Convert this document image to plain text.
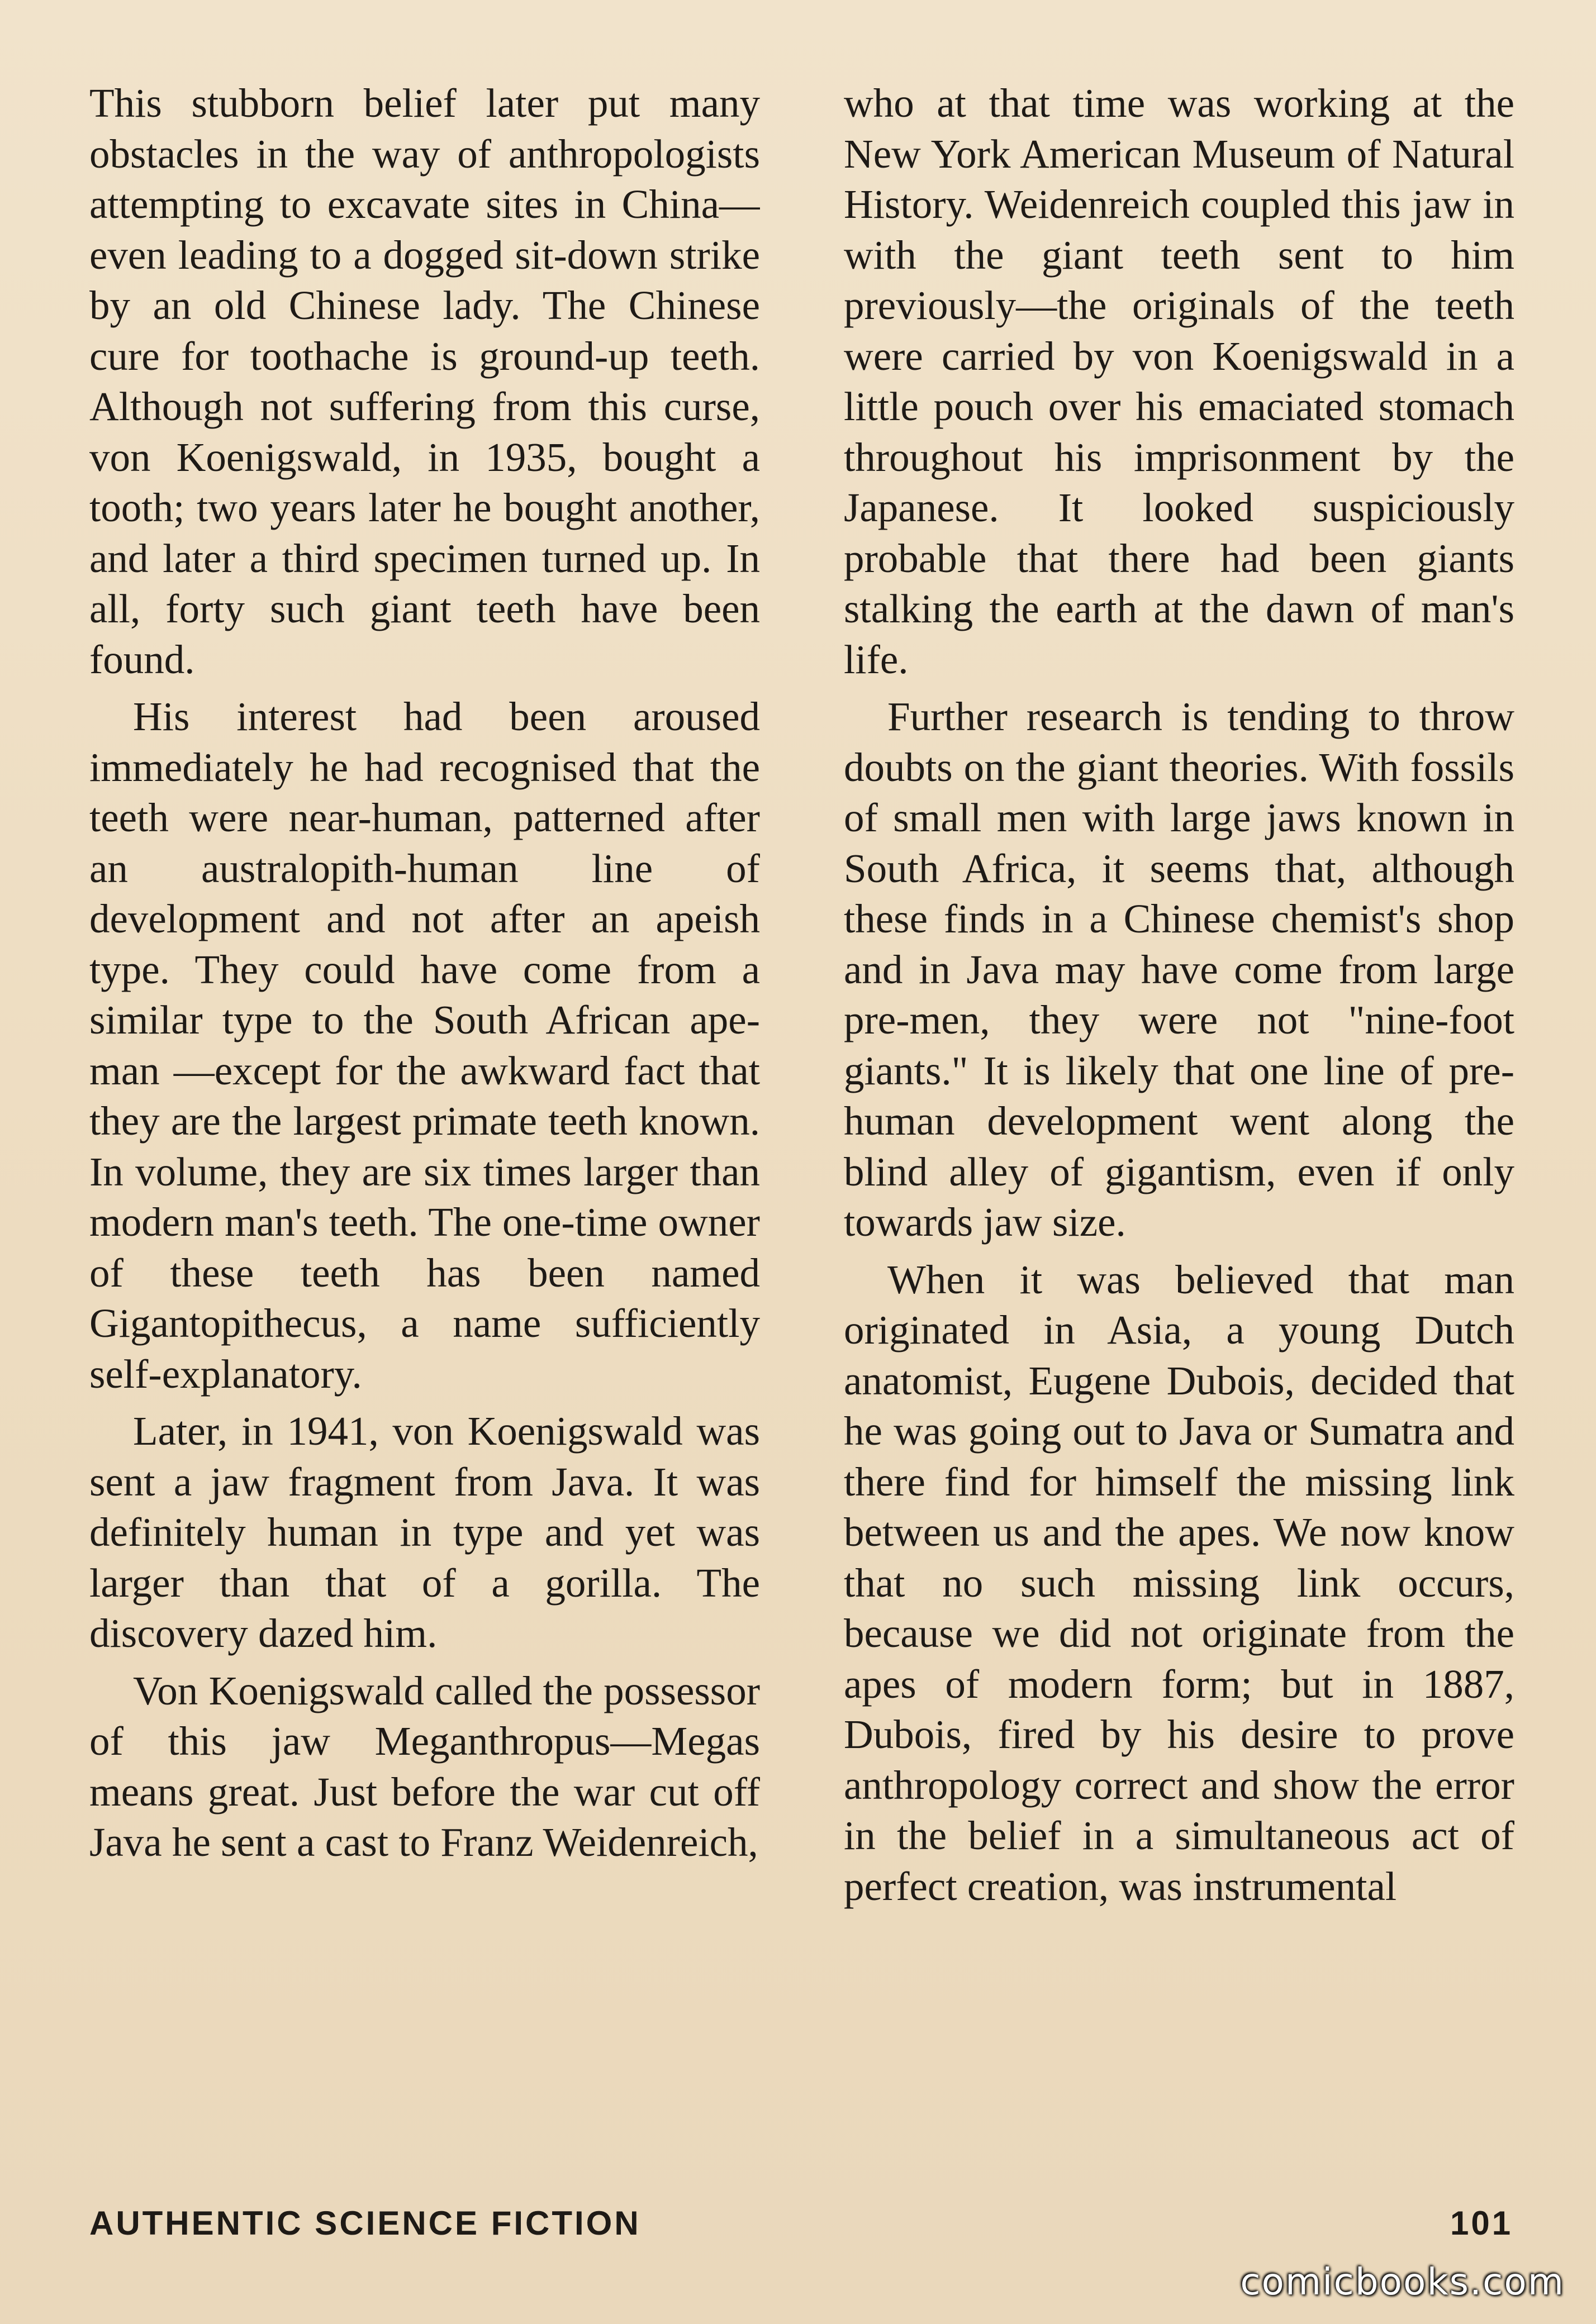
This stubborn belief later put many obstacles in the way of anthropologists attempting to excavate sites in China—even leading to a dogged sit-down strike by an old Chinese lady. The Chinese cure for toothache is ground-up teeth. Although not suffering from this curse, von Koenigswald, in 1935, bought a tooth; two years later he bought another, and later a third specimen turned up. In all, forty such giant teeth have been found.

His interest had been aroused immediately he had recognised that the teeth were near-human, patterned after an australopith-human line of development and not after an apeish type. They could have come from a similar type to the South African ape-man —except for the awkward fact that they are the largest primate teeth known. In volume, they are six times larger than modern man's teeth. The one-time owner of these teeth has been named Gigantopithecus, a name sufficiently self-explanatory.

Later, in 1941, von Koenigswald was sent a jaw fragment from Java. It was definitely human in type and yet was larger than that of a gorilla. The discovery dazed him.

Von Koenigswald called the possessor of this jaw Meganthropus—Megas means great. Just before the war cut off Java he sent a cast to Franz Weidenreich,

who at that time was working at the New York American Museum of Natural History. Weidenreich coupled this jaw in with the giant teeth sent to him previously—the originals of the teeth were carried by von Koenigswald in a little pouch over his emaciated stomach throughout his imprisonment by the Japanese. It looked suspiciously probable that there had been giants stalking the earth at the dawn of man's life.

Further research is tending to throw doubts on the giant theories. With fossils of small men with large jaws known in South Africa, it seems that, although these finds in a Chinese chemist's shop and in Java may have come from large pre-men, they were not "nine-foot giants." It is likely that one line of pre-human development went along the blind alley of gigantism, even if only towards jaw size.

When it was believed that man originated in Asia, a young Dutch anatomist, Eugene Dubois, decided that he was going out to Java or Sumatra and there find for himself the missing link between us and the apes. We now know that no such missing link occurs, because we did not originate from the apes of modern form; but in 1887, Dubois, fired by his desire to prove anthropology correct and show the error in the belief in a simultaneous act of perfect creation, was instrumental

AUTHENTIC SCIENCE FICTION	101
comicbooks.com
